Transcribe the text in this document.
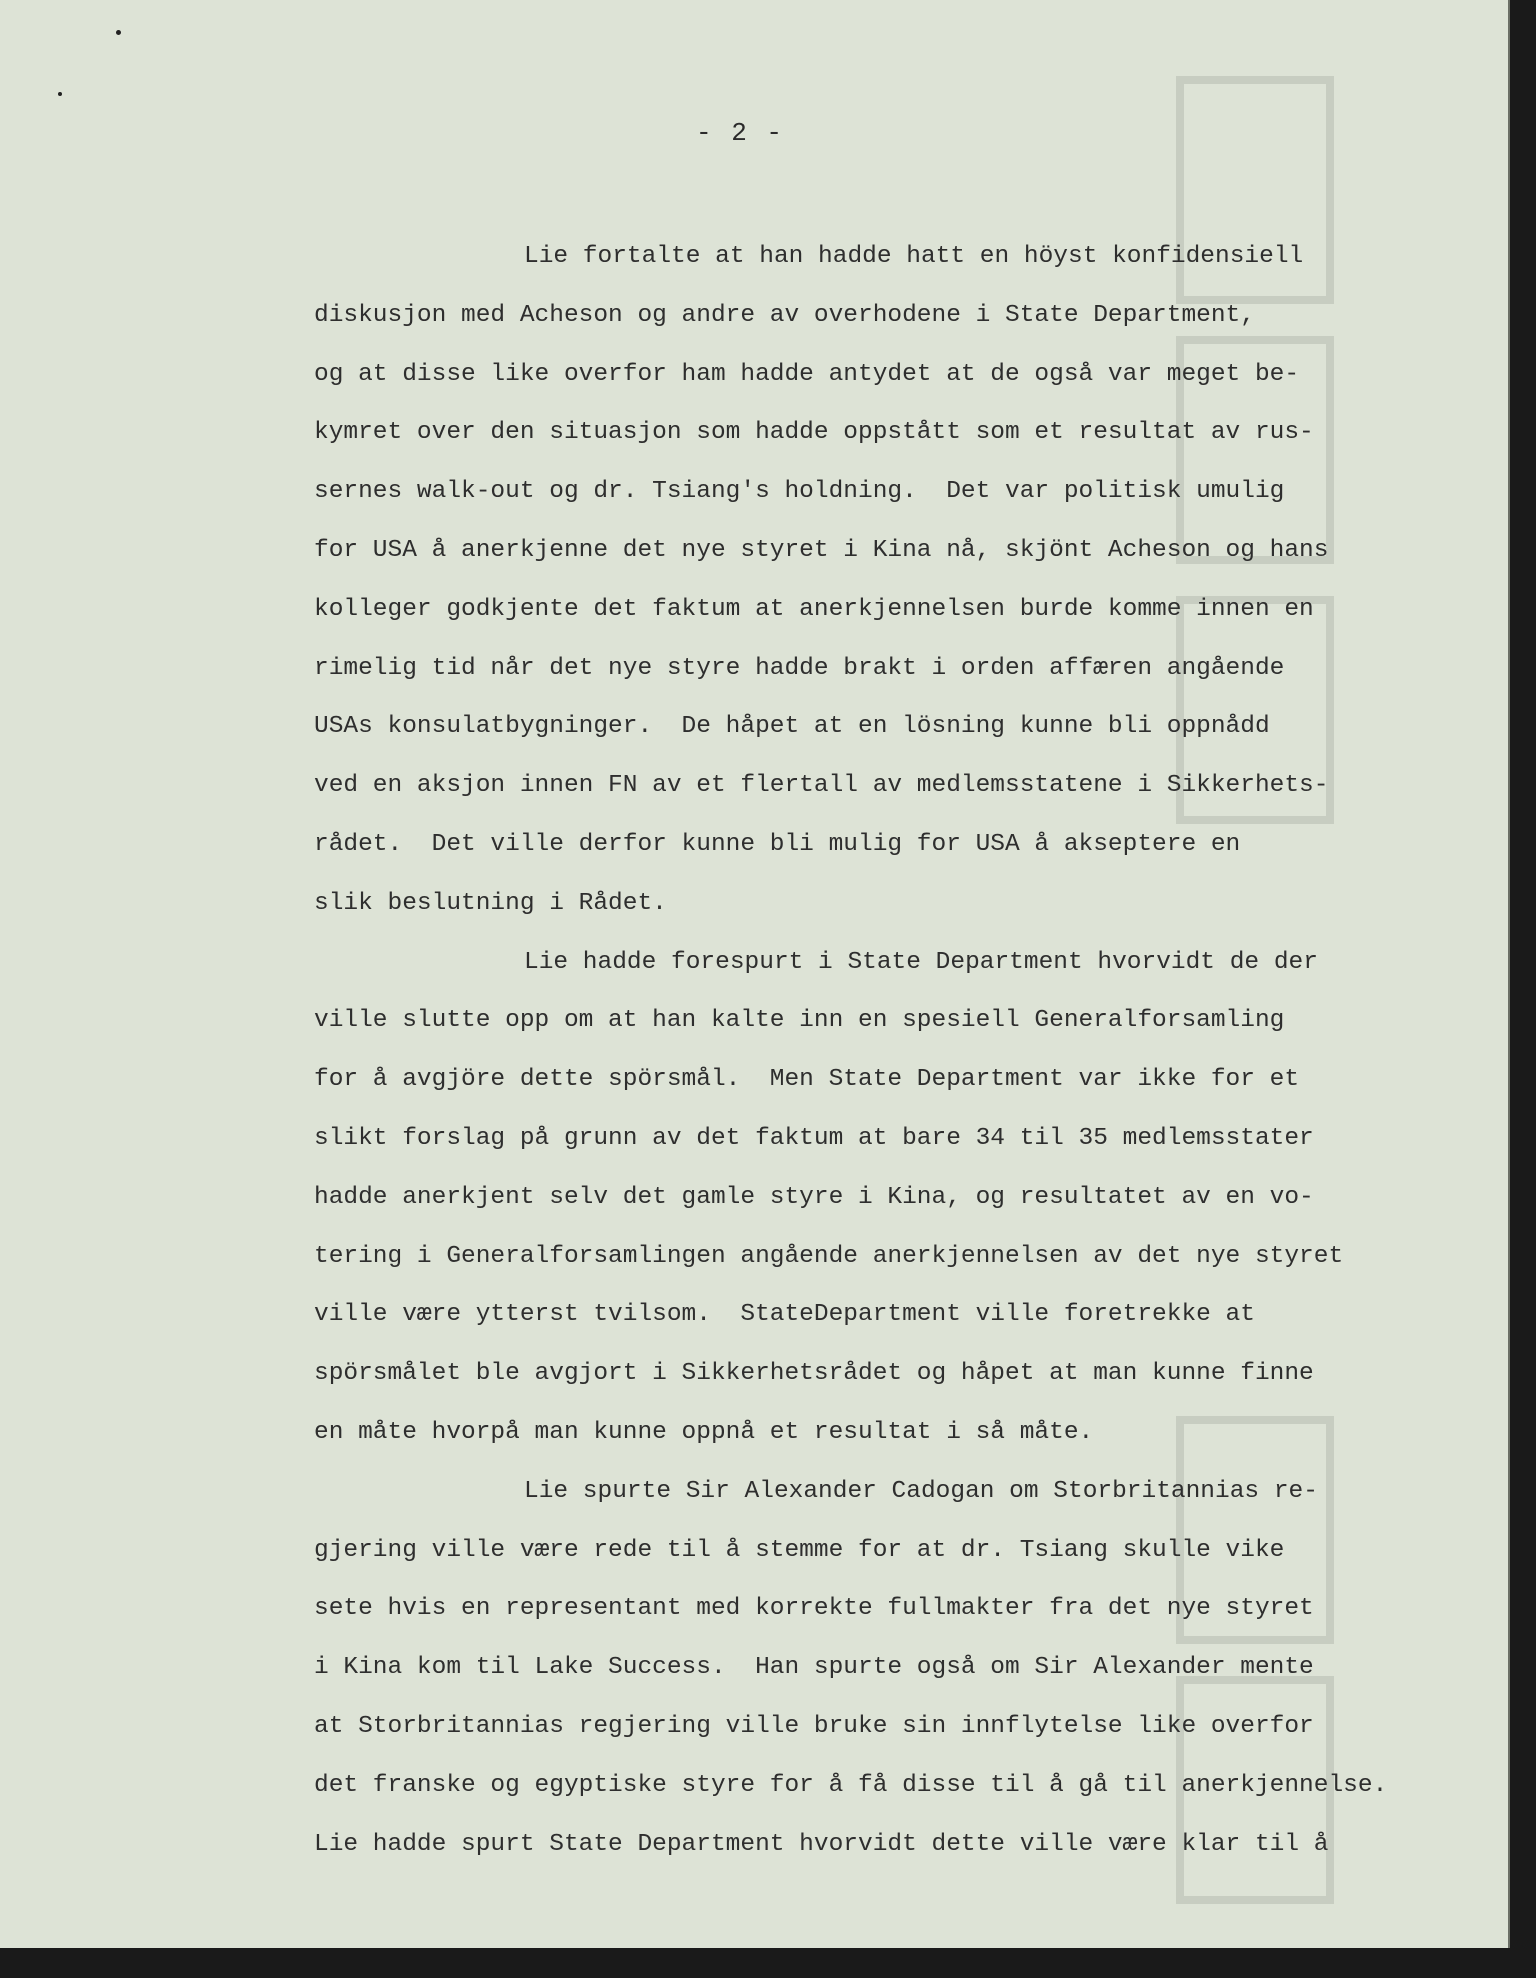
- 2 -
Lie fortalte at han hadde hatt en höyst konfidensiell
diskusjon med Acheson og andre av overhodene i State Department,
og at disse like overfor ham hadde antydet at de også var meget be-
kymret over den situasjon som hadde oppstått som et resultat av rus-
sernes walk-out og dr. Tsiang's holdning.  Det var politisk umulig
for USA å anerkjenne det nye styret i Kina nå, skjönt Acheson og hans
kolleger godkjente det faktum at anerkjennelsen burde komme innen en
rimelig tid når det nye styre hadde brakt i orden affæren angående
USAs konsulatbygninger.  De håpet at en lösning kunne bli oppnådd
ved en aksjon innen FN av et flertall av medlemsstatene i Sikkerhets-
rådet.  Det ville derfor kunne bli mulig for USA å akseptere en
slik beslutning i Rådet.
Lie hadde forespurt i State Department hvorvidt de der
ville slutte opp om at han kalte inn en spesiell Generalforsamling
for å avgjöre dette spörsmål.  Men State Department var ikke for et
slikt forslag på grunn av det faktum at bare 34 til 35 medlemsstater
hadde anerkjent selv det gamle styre i Kina, og resultatet av en vo-
tering i Generalforsamlingen angående anerkjennelsen av det nye styret
ville være ytterst tvilsom.  StateDepartment ville foretrekke at
spörsmålet ble avgjort i Sikkerhetsrådet og håpet at man kunne finne
en måte hvorpå man kunne oppnå et resultat i så måte.
Lie spurte Sir Alexander Cadogan om Storbritannias re-
gjering ville være rede til å stemme for at dr. Tsiang skulle vike
sete hvis en representant med korrekte fullmakter fra det nye styret
i Kina kom til Lake Success.  Han spurte også om Sir Alexander mente
at Storbritannias regjering ville bruke sin innflytelse like overfor
det franske og egyptiske styre for å få disse til å gå til anerkjennelse.
Lie hadde spurt State Department hvorvidt dette ville være klar til å
